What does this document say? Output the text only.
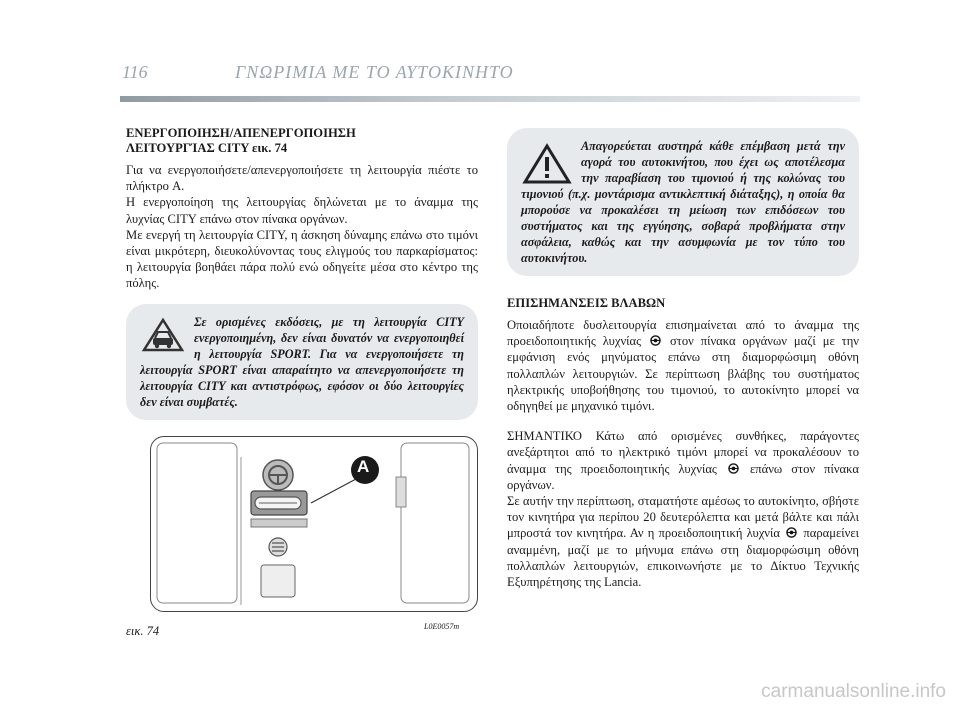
116	ΓΝΩΡΙΜΙΑ ΜΕ ΤΟ ΑΥΤΟΚΙΝΗΤΟ
ΕΝΕΡΓΟΠΟΙΗΣΗ/ΑΠΕΝΕΡΓΟΠΟΙΗΣΗ
ΛΕΙΤΟΥΡΓΊΑΣ CITY εικ. 74

Για να ενεργοποιήσετε/απενεργοποιήσετε τη λειτουργία πιέστε το πλήκτρο A.

Η ενεργοποίηση της λειτουργίας δηλώνεται με το άναμμα της λυχνίας CITY επάνω στον πίνακα οργάνων.

Με ενεργή τη λειτουργία CITY, η άσκηση δύναμης επάνω στο τιμόνι είναι μικρότερη, διευκολύνοντας τους ελιγμούς του παρκαρίσματος: η λειτουργία βοηθάει πάρα πολύ ενώ οδηγείτε μέσα στο κέντρο της πόλης.

Σε ορισμένες εκδόσεις, με τη λειτουργία CITY ενεργοποιημένη, δεν είναι δυνατόν να ενεργοποιηθεί η λειτουργία SPORT. Για να ενεργοποιήσετε τη λειτουργία SPORT είναι απαραίτητο να απενεργοποιήσετε τη λειτουργία CITY και αντιστρόφως, εφόσον οι δύο λειτουργίες δεν είναι συμβατές.
A
εικ. 74	L0E0057m
Απαγορεύεται αυστηρά κάθε επέμβαση μετά την αγορά του αυτοκινήτου, που έχει ως αποτέλεσμα την παραβίαση του τιμονιού ή της κολώνας του τιμονιού (π.χ. μοντάρισμα αντικλεπτική διάταξης), η οποία θα μπορούσε να προκαλέσει τη μείωση των επιδόσεων του συστήματος και της εγγύησης, σοβαρά προβλήματα στην ασφάλεια, καθώς και την ασυμφωνία με τον τύπο του αυτοκινήτου.
ΕΠΙΣΗΜΑΝΣΕΙΣ ΒΛΑΒΩΝ

Οποιαδήποτε δυσλειτουργία επισημαίνεται από το άναμμα της προειδοποιητικής λυχνίας στον πίνακα οργάνων μαζί με την εμφάνιση ενός μηνύματος επάνω στη διαμορφώσιμη οθόνη πολλαπλών λειτουργιών. Σε περίπτωση βλάβης του συστήματος ηλεκτρικής υποβοήθησης του τιμονιού, το αυτοκίνητο μπορεί να οδηγηθεί με μηχανικό τιμόνι.

ΣΗΜΑΝΤΙΚΟ Κάτω από ορισμένες συνθήκες, παράγοντες ανεξάρτητοι από το ηλεκτρικό τιμόνι μπορεί να προκαλέσουν το άναμμα της προειδοποιητικής λυχνίας	επάνω στον πίνακα οργάνων.

Σε αυτήν την περίπτωση, σταματήστε αμέσως το αυτοκίνητο, σβήστε τον κινητήρα για περίπου 20 δευτερόλεπτα και μετά βάλτε και πάλι μπροστά τον κινητήρα. Αν η προειδοποιητική λυχνία παραμείνει αναμμένη, μαζί με το μήνυμα επάνω στη διαμορφώσιμη οθόνη πολλαπλών λειτουργιών, επικοινωνήστε με το Δίκτυο Τεχνικής Εξυπηρέτησης της Lancia.

carmanualsonline.info
